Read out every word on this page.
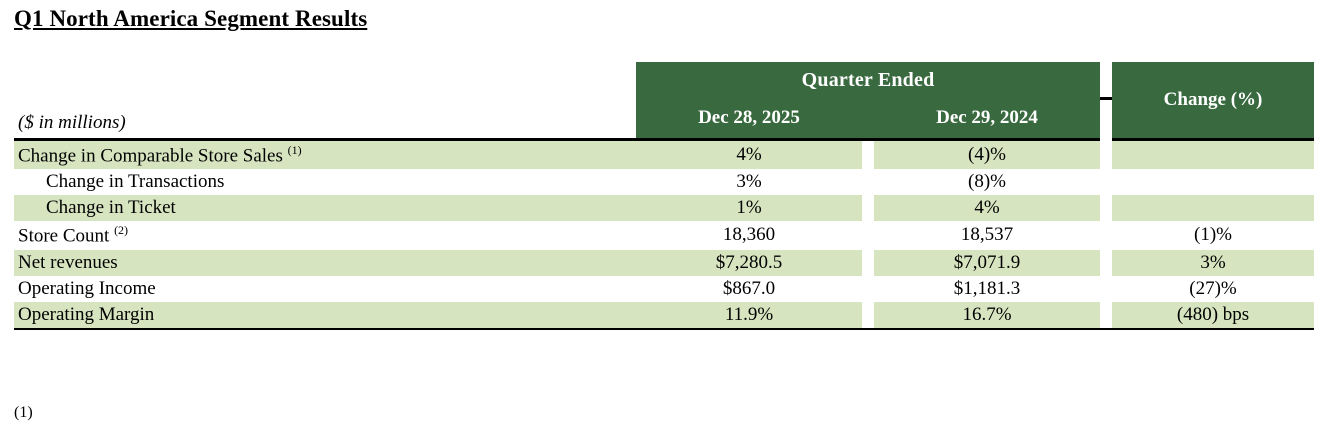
Q1 North America Segment Results
($ in millions)	Quarter Ended				Change (%)
	Dec 28, 2025		Dec 29, 2024		
Change in Comparable Store Sales $^{(1)}$	4%		(4)%		
Change in Transactions	3%		(8)%		
Change in Ticket	1%		4%		
Store Count $^{(2)}$	18,360		18,537		(1)%
Net revenues	$7,280.5		$7,071.9		3%
Operating Income	$867.0		$1,181.3		(27)%
Operating Margin	11.9%		16.7%		(480) bps
(1)
